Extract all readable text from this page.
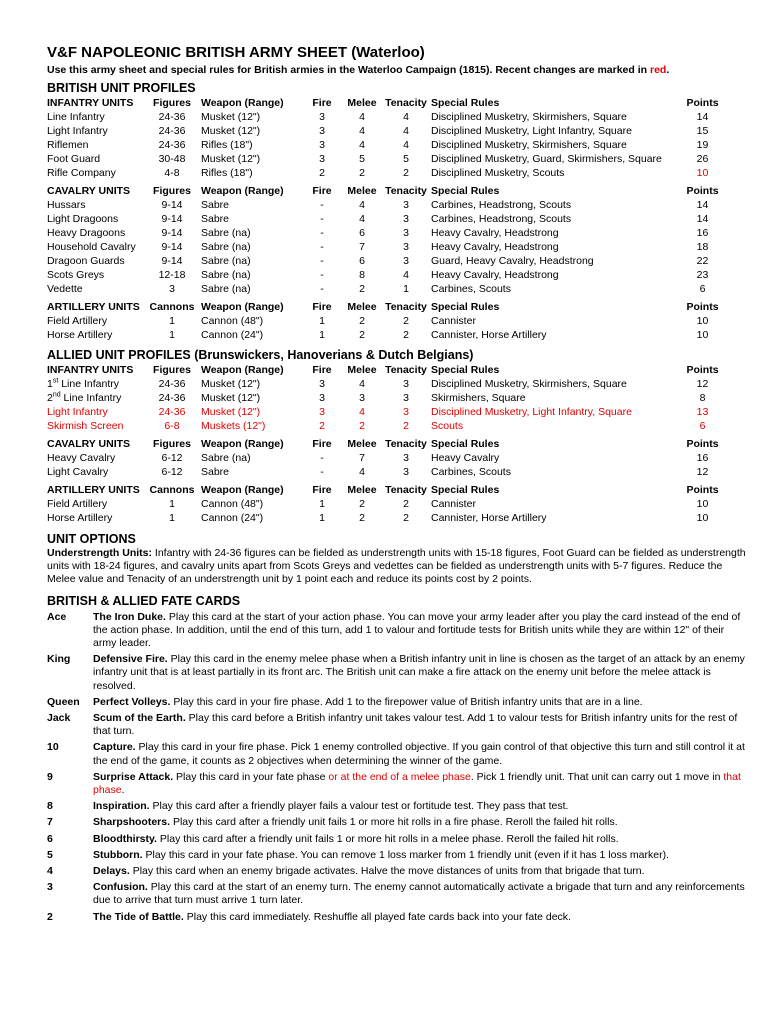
V&F NAPOLEONIC BRITISH ARMY SHEET (Waterloo)

Use this army sheet and special rules for British armies in the Waterloo Campaign (1815). Recent changes are marked in red.

BRITISH UNIT PROFILES
INFANTRY UNITS	Figures	Weapon (Range)	Fire	Melee	Tenacity	Special Rules	Points
Line Infantry	24-36	Musket (12")	3	4	4	Disciplined Musketry, Skirmishers, Square	14
Light Infantry	24-36	Musket (12")	3	4	4	Disciplined Musketry, Light Infantry, Square	15
Riflemen	24-36	Rifles (18")	3	4	4	Disciplined Musketry, Skirmishers, Square	19
Foot Guard	30-48	Musket (12")	3	5	5	Disciplined Musketry, Guard, Skirmishers, Square	26
Rifle Company	4-8	Rifles (18")	2	2	2	Disciplined Musketry, Scouts	10
CAVALRY UNITS	Figures	Weapon (Range)	Fire	Melee	Tenacity	Special Rules	Points
Hussars	9-14	Sabre	-	4	3	Carbines, Headstrong, Scouts	14
Light Dragoons	9-14	Sabre	-	4	3	Carbines, Headstrong, Scouts	14
Heavy Dragoons	9-14	Sabre (na)	-	6	3	Heavy Cavalry, Headstrong	16
Household Cavalry	9-14	Sabre (na)	-	7	3	Heavy Cavalry, Headstrong	18
Dragoon Guards	9-14	Sabre (na)	-	6	3	Guard, Heavy Cavalry, Headstrong	22
Scots Greys	12-18	Sabre (na)	-	8	4	Heavy Cavalry, Headstrong	23
Vedette	3	Sabre (na)	-	2	1	Carbines, Scouts	6
ARTILLERY UNITS	Cannons	Weapon (Range)	Fire	Melee	Tenacity	Special Rules	Points
Field Artillery	1	Cannon (48")	1	2	2	Cannister	10
Horse Artillery	1	Cannon (24")	1	2	2	Cannister, Horse Artillery	10
ALLIED UNIT PROFILES (Brunswickers, Hanoverians & Dutch Belgians)
INFANTRY UNITS	Figures	Weapon (Range)	Fire	Melee	Tenacity	Special Rules	Points
1st Line Infantry	24-36	Musket (12")	3	4	3	Disciplined Musketry, Skirmishers, Square	12
2nd Line Infantry	24-36	Musket (12")	3	3	3	Skirmishers, Square	8
Light Infantry	24-36	Musket (12")	3	4	3	Disciplined Musketry, Light Infantry, Square	13
Skirmish Screen	6-8	Muskets (12")	2	2	2	Scouts	6
CAVALRY UNITS	Figures	Weapon (Range)	Fire	Melee	Tenacity	Special Rules	Points
Heavy Cavalry	6-12	Sabre (na)	-	7	3	Heavy Cavalry	16
Light Cavalry	6-12	Sabre	-	4	3	Carbines, Scouts	12
ARTILLERY UNITS	Cannons	Weapon (Range)	Fire	Melee	Tenacity	Special Rules	Points
Field Artillery	1	Cannon (48")	1	2	2	Cannister	10
Horse Artillery	1	Cannon (24")	1	2	2	Cannister, Horse Artillery	10
UNIT OPTIONS

Understrength Units: Infantry with 24-36 figures can be fielded as understrength units with 15-18 figures, Foot Guard can be fielded as understrength units with 18-24 figures, and cavalry units apart from Scots Greys and vedettes can be fielded as understrength units with 5-7 figures. Reduce the Melee value and Tenacity of an understrength unit by 1 point each and reduce its points cost by 2 points.

BRITISH & ALLIED FATE CARDS
Ace	The Iron Duke. Play this card at the start of your action phase. You can move your army leader after you play the card instead of the end of the action phase. In addition, until the end of this turn, add 1 to valour and fortitude tests for British units while they are within 12" of their army leader.
King	Defensive Fire. Play this card in the enemy melee phase when a British infantry unit in line is chosen as the target of an attack by an enemy infantry unit that is at least partially in its front arc. The British unit can make a fire attack on the enemy unit before the melee attack is resolved.
Queen	Perfect Volleys. Play this card in your fire phase. Add 1 to the firepower value of British infantry units that are in a line.
Jack	Scum of the Earth. Play this card before a British infantry unit takes valour test. Add 1 to valour tests for British infantry units for the rest of that turn.
10	Capture. Play this card in your fire phase. Pick 1 enemy controlled objective. If you gain control of that objective this turn and still control it at the end of the game, it counts as 2 objectives when determining the winner of the game.
9	Surprise Attack. Play this card in your fate phase or at the end of a melee phase. Pick 1 friendly unit. That unit can carry out 1 move in that phase.
8	Inspiration. Play this card after a friendly player fails a valour test or fortitude test. They pass that test.
7	Sharpshooters. Play this card after a friendly unit fails 1 or more hit rolls in a fire phase. Reroll the failed hit rolls.
6	Bloodthirsty. Play this card after a friendly unit fails 1 or more hit rolls in a melee phase. Reroll the failed hit rolls.
5	Stubborn. Play this card in your fate phase. You can remove 1 loss marker from 1 friendly unit (even if it has 1 loss marker).
4	Delays. Play this card when an enemy brigade activates. Halve the move distances of units from that brigade that turn.
3	Confusion. Play this card at the start of an enemy turn. The enemy cannot automatically activate a brigade that turn and any reinforcements due to arrive that turn must arrive 1 turn later.
2	The Tide of Battle. Play this card immediately. Reshuffle all played fate cards back into your fate deck.
